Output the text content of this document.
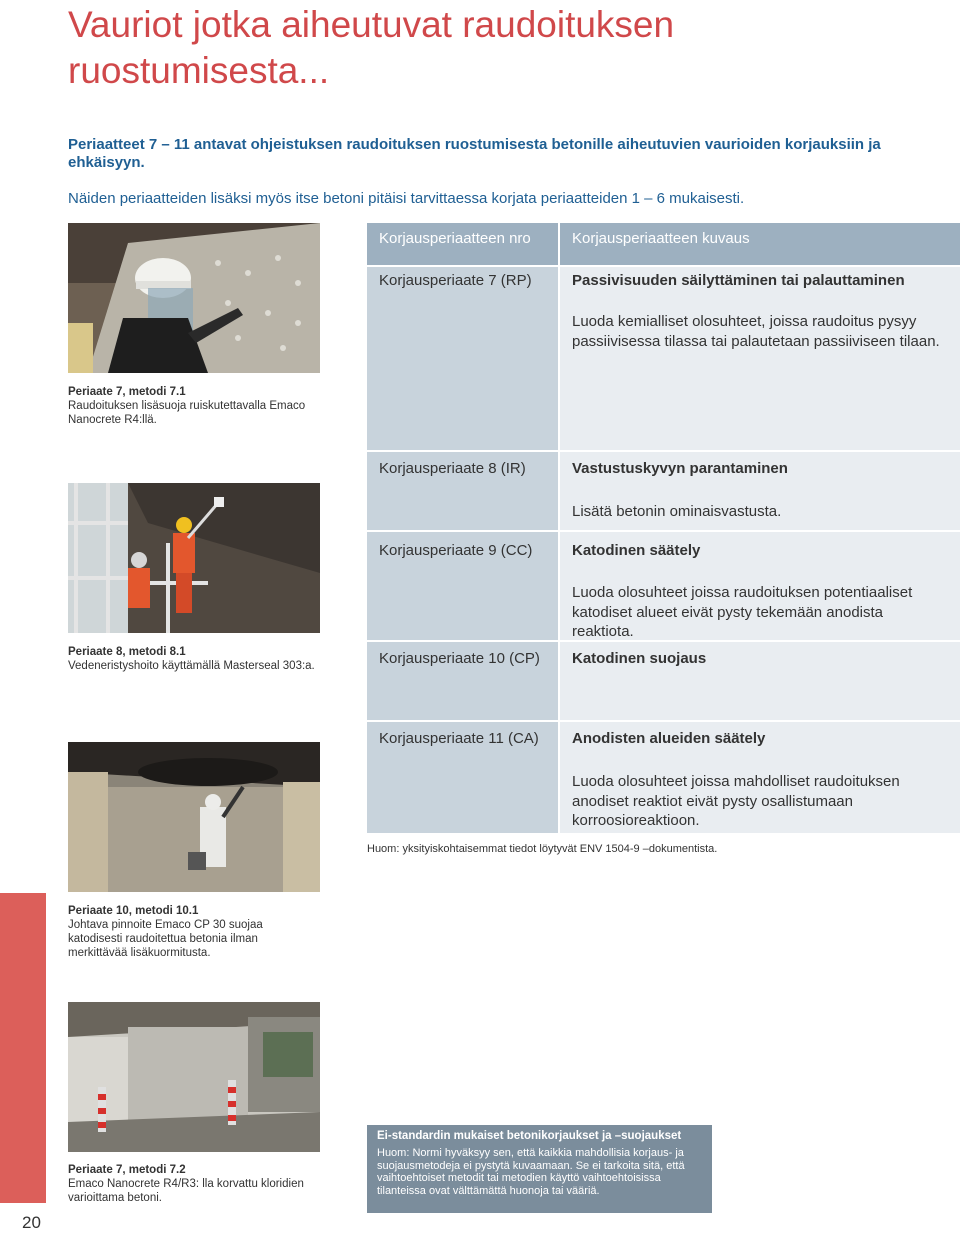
Vauriot jotka aiheutuvat raudoituksen
ruostumisesta...
Periaatteet 7 – 11 antavat ohjeistuksen raudoituksen ruostumisesta betonille aiheutuvien vaurioiden korjauksiin ja ehkäisyyn.
Näiden periaatteiden lisäksi myös itse betoni pitäisi tarvittaessa korjata periaatteiden 1 – 6 mukaisesti.
Korjausperiaatteen nro	Korjausperiaatteen kuvaus
Korjausperiaate 7 (RP)	Passivisuuden säilyttäminen tai palauttaminen
Luoda kemialliset olosuhteet, joissa raudoitus pysyy passiivisessa tilassa tai palautetaan passiiviseen tilaan.
Korjausperiaate 8 (IR)	Vastustuskyvyn parantaminen
Lisätä betonin ominaisvastusta.
Korjausperiaate 9 (CC)	Katodinen säätely
Luoda olosuhteet joissa raudoituksen potentiaaliset katodiset alueet eivät pysty tekemään anodista reaktiota.
Korjausperiaate 10 (CP) Katodinen suojaus
Korjausperiaate 11 (CA) Anodisten alueiden säätely
Luoda olosuhteet joissa mahdolliset raudoituksen anodiset reaktiot eivät pysty osallistumaan korroosioreaktioon.
Huom: yksityiskohtaisemmat tiedot löytyvät ENV 1504-9 –dokumentista.
Periaate 7, metodi 7.1
Raudoituksen lisäsuoja ruiskutettavalla Emaco Nanocrete R4:llä.
Periaate 8, metodi 8.1
Vedeneristyshoito käyttämällä Masterseal 303:a.
Periaate 10, metodi 10.1
Johtava pinnoite Emaco CP 30 suojaa katodisesti raudoitettua betonia ilman merkittävää lisäkuormitusta.
Periaate 7, metodi 7.2
Emaco Nanocrete R4/R3: lla korvattu kloridien varioittama betoni.
Ei-standardin mukaiset betonikorjaukset ja –suojaukset
Huom: Normi hyväksyy sen, että kaikkia mahdollisia korjaus- ja suojausmetodeja ei pystytä kuvaamaan. Se ei tarkoita sitä, että vaihtoehtoiset metodit tai metodien käyttö vaihtoehtoisissa tilanteissa ovat välttämättä huonoja tai vääriä.
20
